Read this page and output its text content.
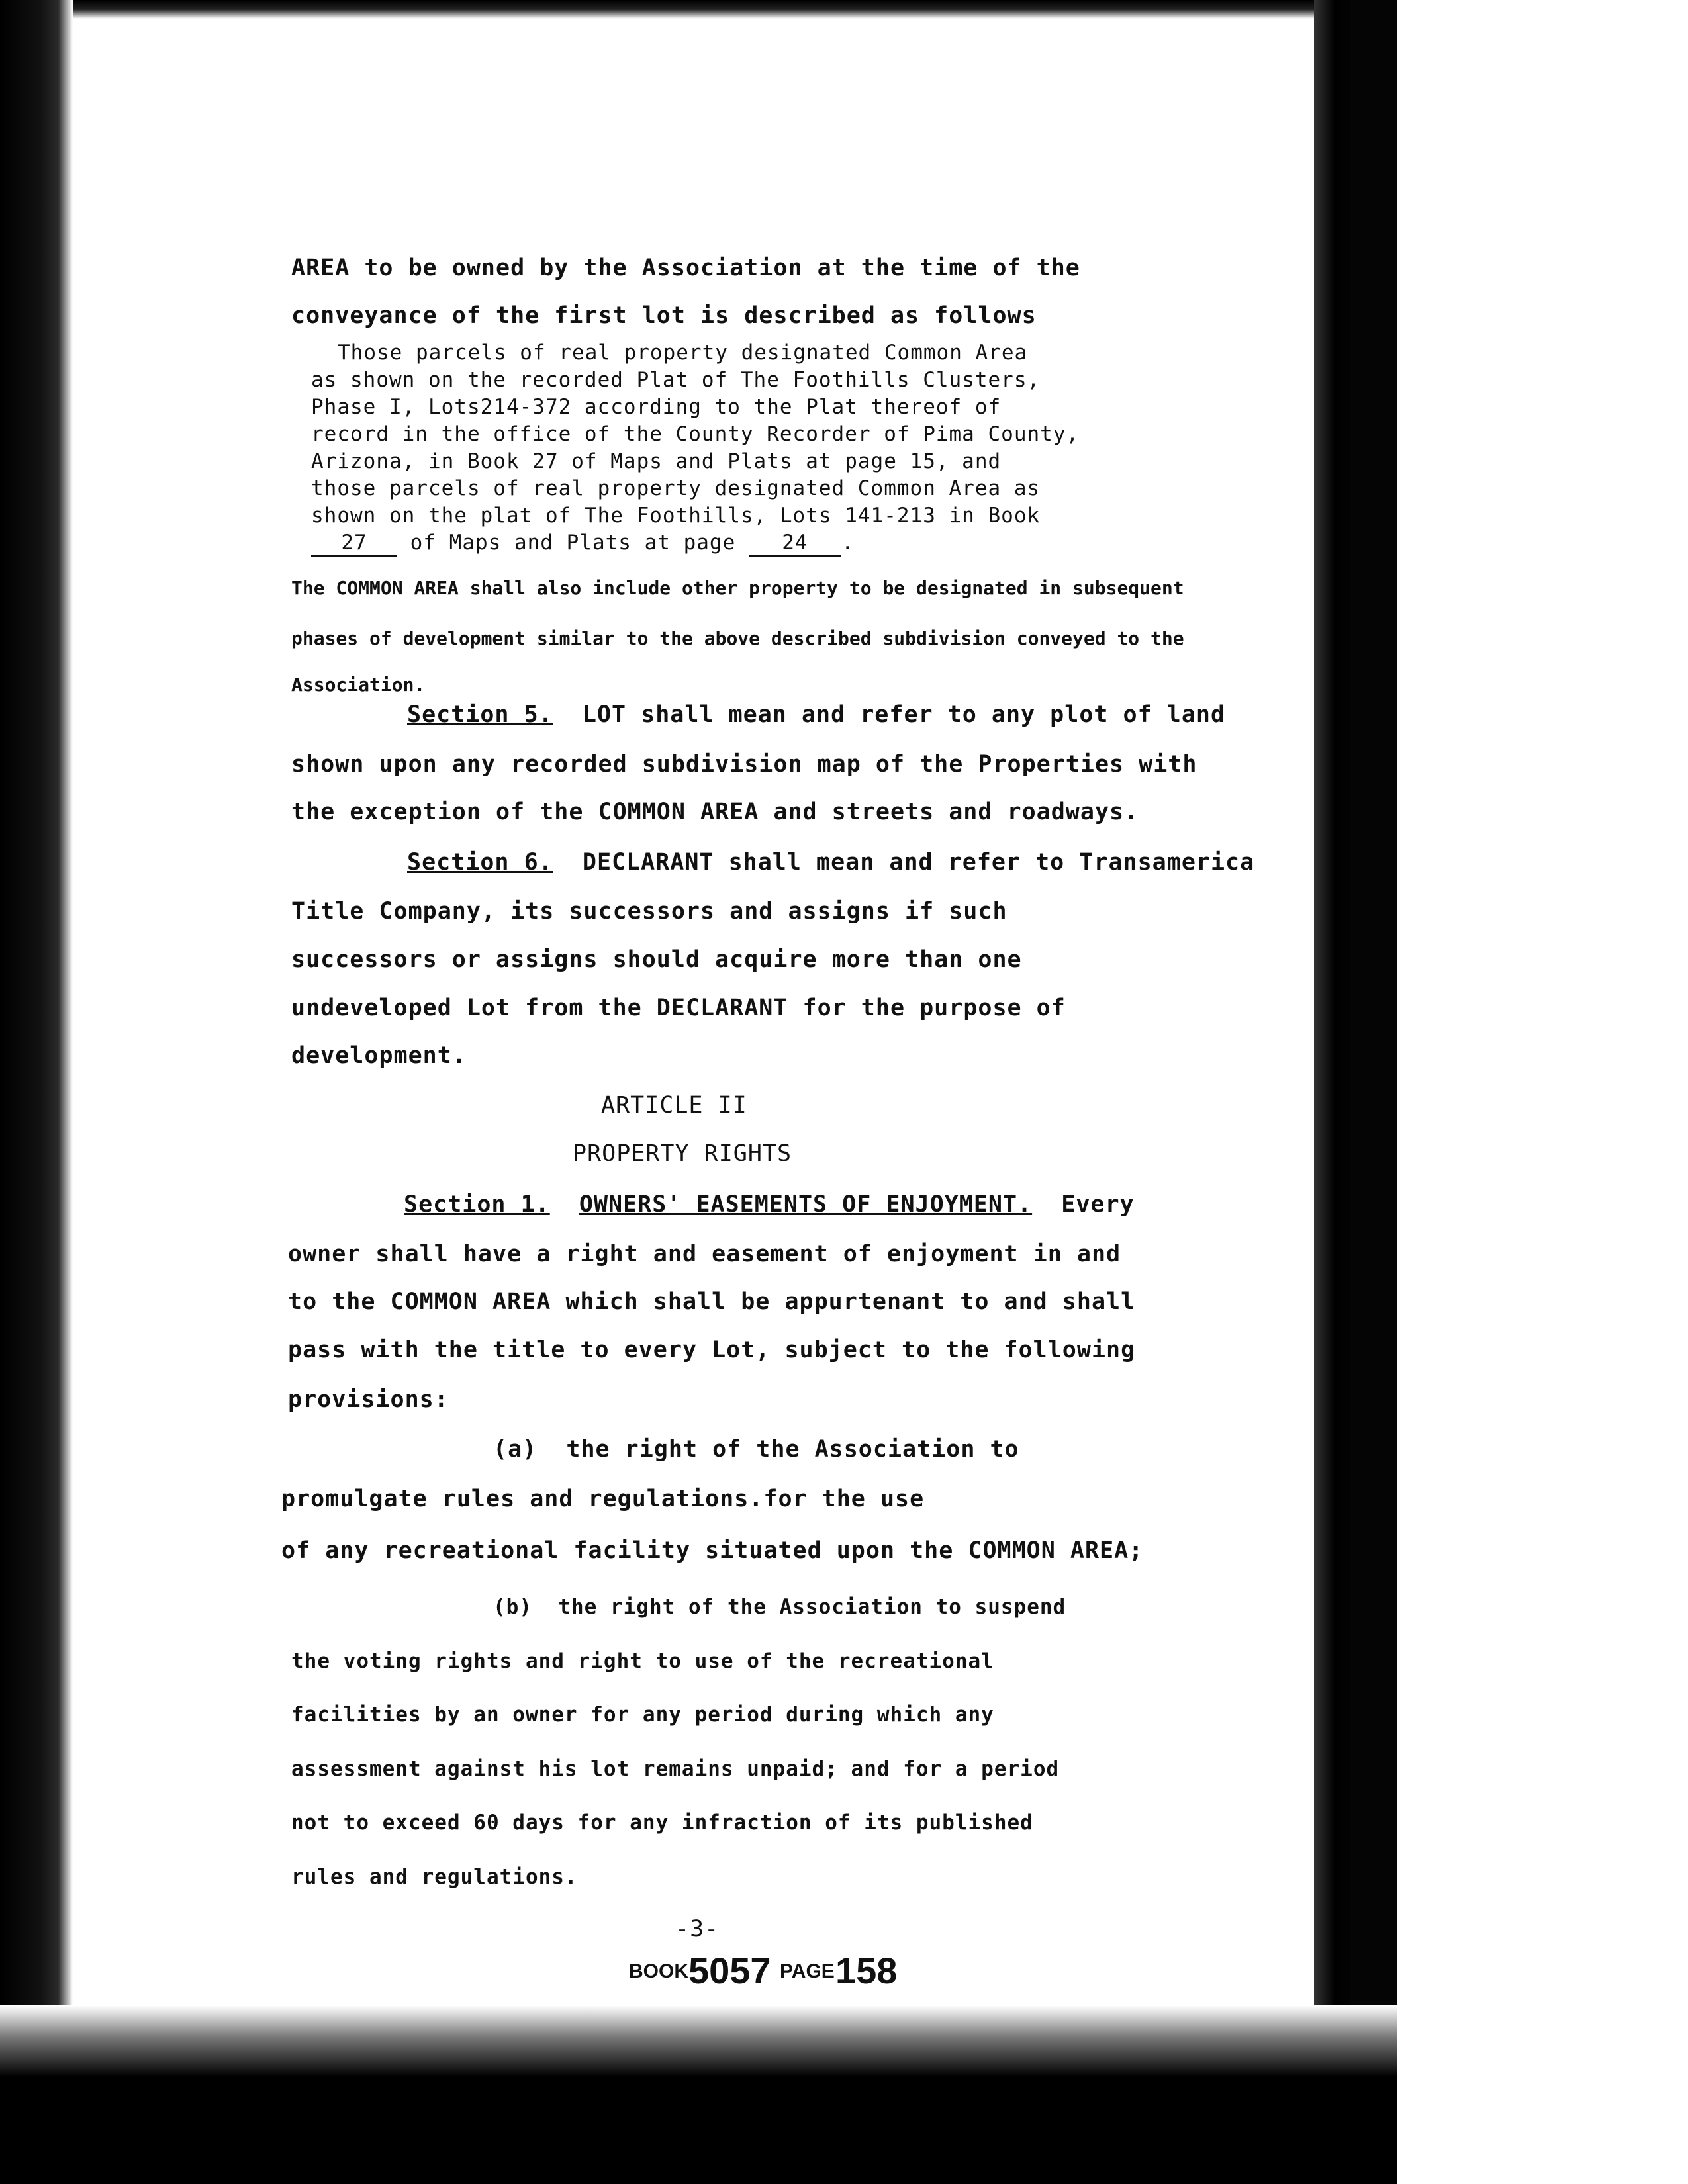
AREA to be owned by the Association at the time of the
conveyance of the first lot is described as follows
Those parcels of real property designated Common Area
as shown on the recorded Plat of The Foothills Clusters,
Phase I, Lots214-372 according to the Plat thereof of
record in the office of the County Recorder of Pima County,
Arizona, in Book 27 of Maps and Plats at page 15, and
those parcels of real property designated Common Area as
shown on the plat of The Foothills, Lots 141-213 in Book
27 of Maps and Plats at page 24 .
The COMMON AREA shall also include other property to be designated in subsequent
phases of development similar to the above described subdivision conveyed to the
Association.
Section 5. LOT shall mean and refer to any plot of land
shown upon any recorded subdivision map of the Properties with
the exception of the COMMON AREA and streets and roadways.
Section 6. DECLARANT shall mean and refer to Transamerica
Title Company, its successors and assigns if such
successors or assigns should acquire more than one
undeveloped Lot from the DECLARANT for the purpose of
development.
ARTICLE II
PROPERTY RIGHTS
Section 1. OWNERS' EASEMENTS OF ENJOYMENT. Every
owner shall have a right and easement of enjoyment in and
to the COMMON AREA which shall be appurtenant to and shall
pass with the title to every Lot, subject to the following
provisions:
(a) the right of the Association to
promulgate rules and regulations.for the use
of any recreational facility situated upon the COMMON AREA;
(b) the right of the Association to suspend
the voting rights and right to use of the recreational
facilities by an owner for any period during which any
assessment against his lot remains unpaid; and for a period
not to exceed 60 days for any infraction of its published
rules and regulations.
-3-
BOOK 5057 PAGE 158
